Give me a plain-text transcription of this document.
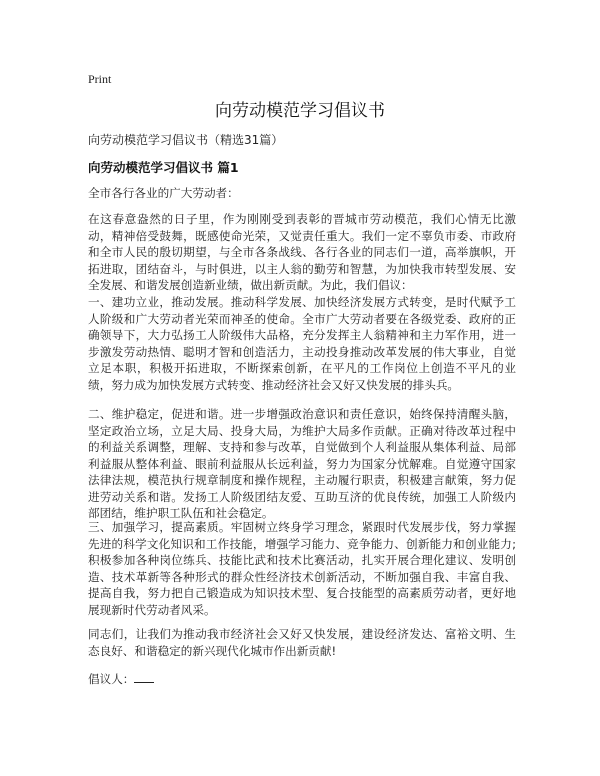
Print
向劳动模范学习倡议书
向劳动模范学习倡议书（精选31篇）
向劳动模范学习倡议书 篇1

全市各行各业的广大劳动者：

在这春意盎然的日子里，作为刚刚受到表彰的晋城市劳动模范，我们心情无比激动，精神倍受鼓舞，既感使命光荣，又觉责任重大。我们一定不辜负市委、市政府和全市人民的殷切期望，与全市各条战线、各行各业的同志们一道，高举旗帜，开拓进取，团结奋斗，与时俱进，以主人翁的勤劳和智慧，为加快我市转型发展、安全发展、和谐发展创造新业绩，做出新贡献。为此，我们倡议：

一、建功立业，推动发展。推动科学发展、加快经济发展方式转变，是时代赋予工人阶级和广大劳动者光荣而神圣的使命。全市广大劳动者要在各级党委、政府的正确领导下，大力弘扬工人阶级伟大品格，充分发挥主人翁精神和主力军作用，进一步激发劳动热情、聪明才智和创造活力，主动投身推动改革发展的伟大事业，自觉立足本职，积极开拓进取，不断探索创新，在平凡的工作岗位上创造不平凡的业绩，努力成为加快发展方式转变、推动经济社会又好又快发展的排头兵。

二、维护稳定，促进和谐。进一步增强政治意识和责任意识，始终保持清醒头脑，坚定政治立场，立足大局、投身大局，为维护大局多作贡献。正确对待改革过程中的利益关系调整，理解、支持和参与改革，自觉做到个人利益服从集体利益、局部利益服从整体利益、眼前利益服从长远利益，努力为国家分忧解难。自觉遵守国家法律法规，模范执行规章制度和操作规程，主动履行职责，积极建言献策，努力促进劳动关系和谐。发扬工人阶级团结友爱、互助互济的优良传统，加强工人阶级内部团结，维护职工队伍和社会稳定。

三、加强学习，提高素质。牢固树立终身学习理念，紧跟时代发展步伐，努力掌握先进的科学文化知识和工作技能，增强学习能力、竞争能力、创新能力和创业能力;积极参加各种岗位练兵、技能比武和技术比赛活动，扎实开展合理化建议、发明创造、技术革新等各种形式的群众性经济技术创新活动，不断加强自我、丰富自我、提高自我，努力把自己锻造成为知识技术型、复合技能型的高素质劳动者，更好地展现新时代劳动者风采。

同志们，让我们为推动我市经济社会又好又快发展，建设经济发达、富裕文明、生态良好、和谐稳定的新兴现代化城市作出新贡献!

倡议人：
